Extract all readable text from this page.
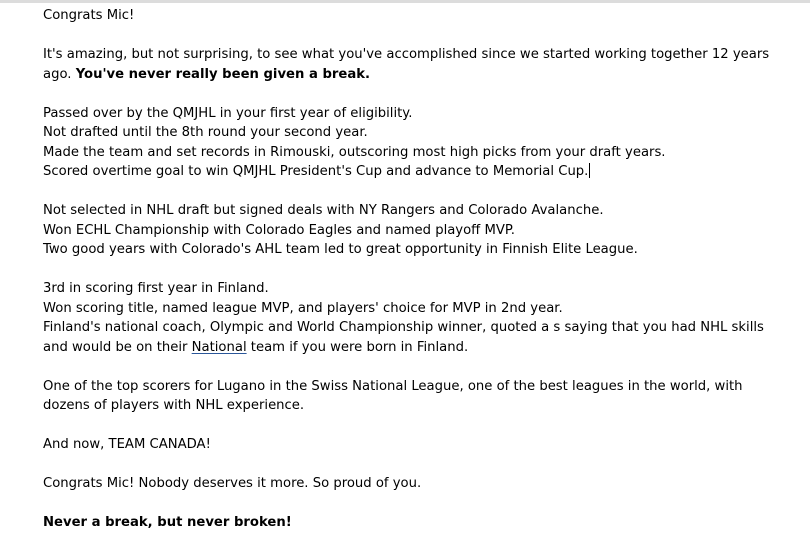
Congrats Mic!
It's amazing, but not surprising, to see what you've accomplished since we started working together 12 years
ago. You've never really been given a break.
Passed over by the QMJHL in your first year of eligibility.
Not drafted until the 8th round your second year.
Made the team and set records in Rimouski, outscoring most high picks from your draft years.
Scored overtime goal to win QMJHL President's Cup and advance to Memorial Cup.
Not selected in NHL draft but signed deals with NY Rangers and Colorado Avalanche.
Won ECHL Championship with Colorado Eagles and named playoff MVP.
Two good years with Colorado's AHL team led to great opportunity in Finnish Elite League.
3rd in scoring first year in Finland.
Won scoring title, named league MVP, and players' choice for MVP in 2nd year.
Finland's national coach, Olympic and World Championship winner, quoted a s saying that you had NHL skills
and would be on their National team if you were born in Finland.
One of the top scorers for Lugano in the Swiss National League, one of the best leagues in the world, with
dozens of players with NHL experience.
And now, TEAM CANADA!
Congrats Mic! Nobody deserves it more. So proud of you.
Never a break, but never broken!
